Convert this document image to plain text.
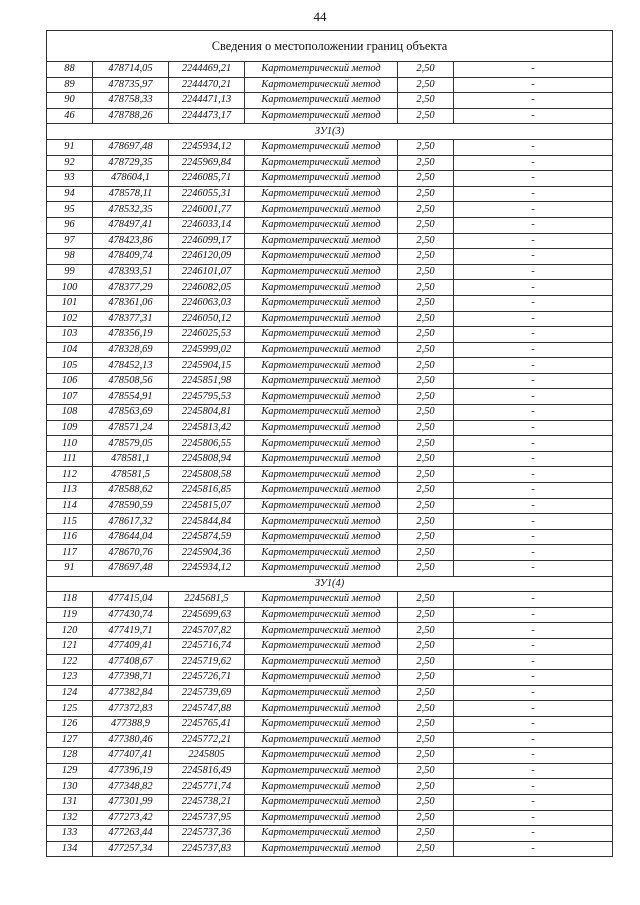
44
Сведения о местоположении границ объекта					
88	478714,05	2244469,21	Картометрический метод	2,50	-
89	478735,97	2244470,21	Картометрический метод	2,50	-
90	478758,33	2244471,13	Картометрический метод	2,50	-
46	478788,26	2244473,17	Картометрический метод	2,50	-
ЗУ1(3)					
91	478697,48	2245934,12	Картометрический метод	2,50	-
92	478729,35	2245969,84	Картометрический метод	2,50	-
93	478604,1	2246085,71	Картометрический метод	2,50	-
94	478578,11	2246055,31	Картометрический метод	2,50	-
95	478532,35	2246001,77	Картометрический метод	2,50	-
96	478497,41	2246033,14	Картометрический метод	2,50	-
97	478423,86	2246099,17	Картометрический метод	2,50	-
98	478409,74	2246120,09	Картометрический метод	2,50	-
99	478393,51	2246101,07	Картометрический метод	2,50	-
100	478377,29	2246082,05	Картометрический метод	2,50	-
101	478361,06	2246063,03	Картометрический метод	2,50	-
102	478377,31	2246050,12	Картометрический метод	2,50	-
103	478356,19	2246025,53	Картометрический метод	2,50	-
104	478328,69	2245999,02	Картометрический метод	2,50	-
105	478452,13	2245904,15	Картометрический метод	2,50	-
106	478508,56	2245851,98	Картометрический метод	2,50	-
107	478554,91	2245795,53	Картометрический метод	2,50	-
108	478563,69	2245804,81	Картометрический метод	2,50	-
109	478571,24	2245813,42	Картометрический метод	2,50	-
110	478579,05	2245806,55	Картометрический метод	2,50	-
111	478581,1	2245808,94	Картометрический метод	2,50	-
112	478581,5	2245808,58	Картометрический метод	2,50	-
113	478588,62	2245816,85	Картометрический метод	2,50	-
114	478590,59	2245815,07	Картометрический метод	2,50	-
115	478617,32	2245844,84	Картометрический метод	2,50	-
116	478644,04	2245874,59	Картометрический метод	2,50	-
117	478670,76	2245904,36	Картометрический метод	2,50	-
91	478697,48	2245934,12	Картометрический метод	2,50	-
ЗУ1(4)					
118	477415,04	2245681,5	Картометрический метод	2,50	-
119	477430,74	2245699,63	Картометрический метод	2,50	-
120	477419,71	2245707,82	Картометрический метод	2,50	-
121	477409,41	2245716,74	Картометрический метод	2,50	-
122	477408,67	2245719,62	Картометрический метод	2,50	-
123	477398,71	2245726,71	Картометрический метод	2,50	-
124	477382,84	2245739,69	Картометрический метод	2,50	-
125	477372,83	2245747,88	Картометрический метод	2,50	-
126	477388,9	2245765,41	Картометрический метод	2,50	-
127	477380,46	2245772,21	Картометрический метод	2,50	-
128	477407,41	2245805	Картометрический метод	2,50	-
129	477396,19	2245816,49	Картометрический метод	2,50	-
130	477348,82	2245771,74	Картометрический метод	2,50	-
131	477301,99	2245738,21	Картометрический метод	2,50	-
132	477273,42	2245737,95	Картометрический метод	2,50	-
133	477263,44	2245737,36	Картометрический метод	2,50	-
134	477257,34	2245737,83	Картометрический метод	2,50	-
